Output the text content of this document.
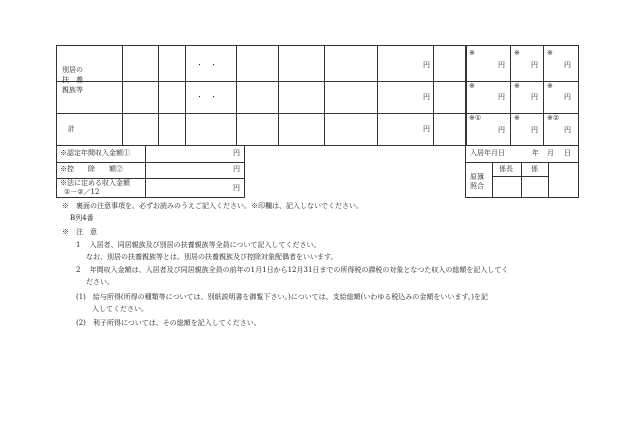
別居の
扶　養
親族等
計
・　・
・　・
円
円
円
※
円
※
円
※
円
※
円
※
円
※
円
※①
円
※
円
※②
円
※認定年間収入金額①
※控　　除　　額②
※法に定める収入金額
①－②／12
円
円
円
入居年月日	年 月 日
原簿
照合
係長	係
※　裏面の注意事項を、必ずお読みのうえご記入ください。※印欄は、記入しないでください。
B列4番
※　注　意
1　 入居者、同居親族及び別居の扶養親族等全員について記入してください。
なお、別居の扶養親族等とは、別居の扶養親族及び控除対象配偶者をいいます。
2　 年間収入金額は、入居者及び同居親族全員の前年の1月1日から12月31日までの所得税の課税の対象となつた収入の総額を記入してく
ださい。
(1)　給与所得(所得の種類等については、別紙説明書を御覧下さい。)については、支給総額(いわゆる税込みの金額をいいます。)を記
入してください。
(2)　利子所得については、その総額を記入してください。
